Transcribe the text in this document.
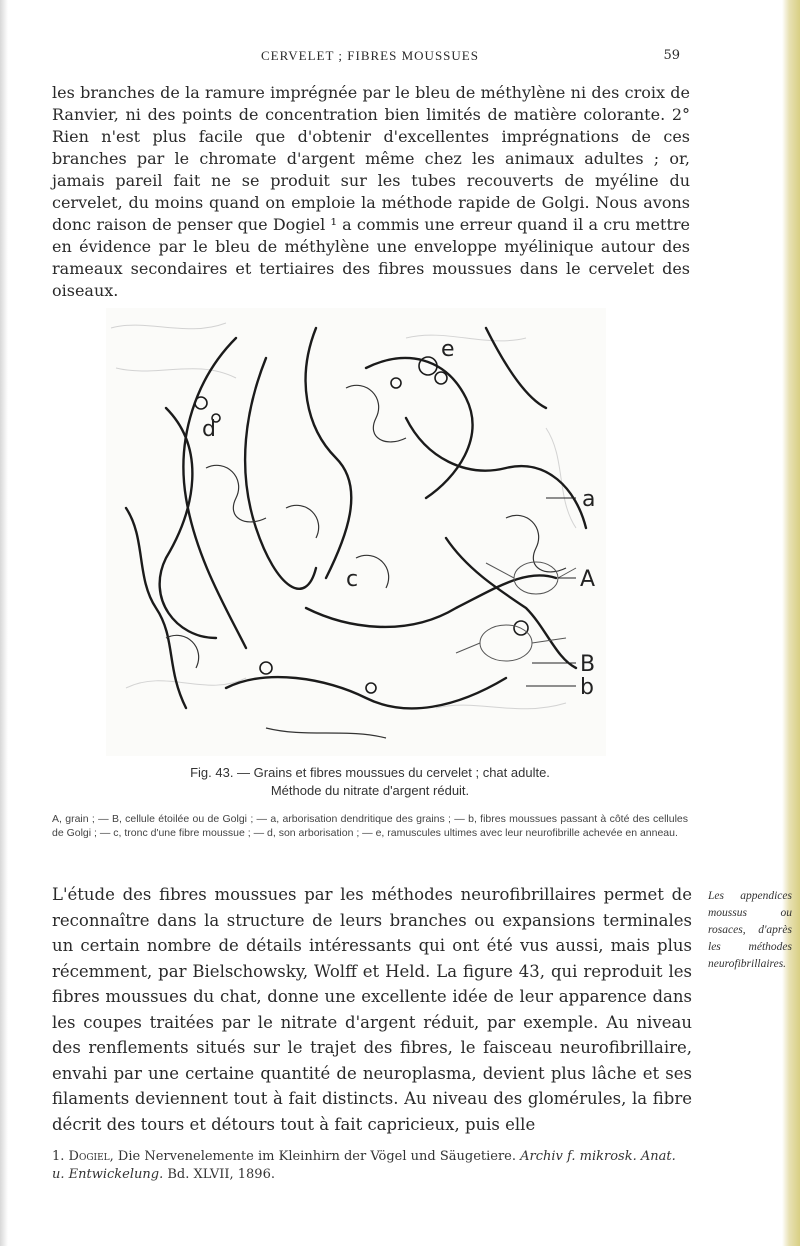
CERVELET ; FIBRES MOUSSUES	59

les branches de la ramure imprégnée par le bleu de méthylène ni des croix de Ranvier, ni des points de concentration bien limités de matière colorante. 2° Rien n'est plus facile que d'obtenir d'excellentes imprégnations de ces branches par le chromate d'argent même chez les animaux adultes ; or, jamais pareil fait ne se produit sur les tubes recouverts de myéline du cervelet, du moins quand on emploie la méthode rapide de Golgi. Nous avons donc raison de penser que Dogiel ¹ a commis une erreur quand il a cru mettre en évidence par le bleu de méthylène une enveloppe myélinique autour des rameaux secondaires et tertiaires des fibres moussues dans le cervelet des oiseaux.

e
d
a
c	A
B
b
Fig. 43. — Grains et fibres moussues du cervelet ; chat adulte.
Méthode du nitrate d'argent réduit.
A, grain ; — B, cellule étoilée ou de Golgi ; — a, arborisation dendritique des grains ; — b, fibres moussues passant à côté des cellules de Golgi ; — c, tronc d'une fibre moussue ; — d, son arborisation ; — e, ramuscules ultimes avec leur neurofibrille achevée en anneau.

L'étude des fibres moussues par les méthodes neurofibrillaires permet de reconnaître dans la structure de leurs branches ou expansions terminales un certain nombre de détails intéressants qui ont été vus aussi, mais plus récemment, par Bielschowsky, Wolff et Held. La figure 43, qui reproduit les fibres moussues du chat, donne une excellente idée de leur apparence dans les coupes traitées par le nitrate d'argent réduit, par exemple. Au niveau des renflements situés sur le trajet des fibres, le faisceau neurofibrillaire, envahi par une certaine quantité de neuroplasma, devient plus lâche et ses filaments deviennent tout à fait distincts. Au niveau des glomérules, la fibre décrit des tours et détours tout à fait capricieux, puis elle

Les appendices moussus ou rosaces, d'après les méthodes neurofibrillaires.

1. Dogiel, Die Nervenelemente im Kleinhirn der Vögel und Säugetiere. Archiv f. mikrosk. Anat. u. Entwickelung. Bd. XLVII, 1896.
